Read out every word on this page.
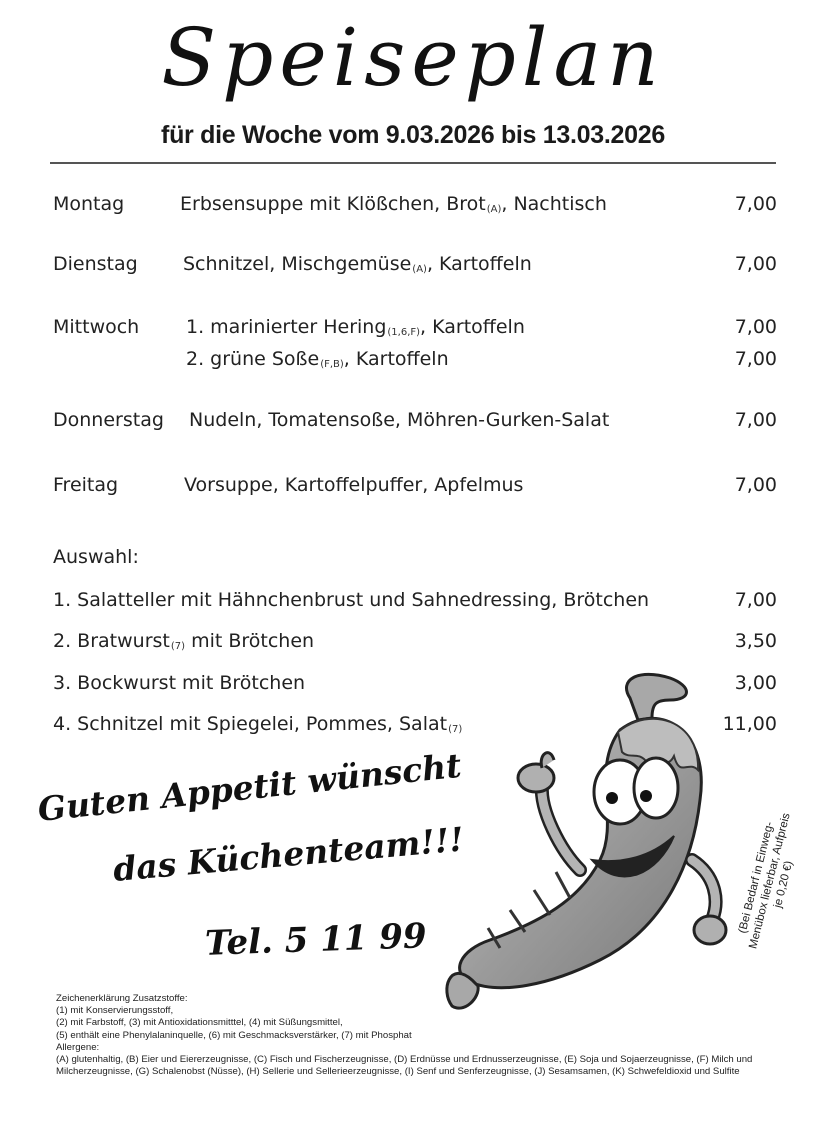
Speiseplan
für die Woche vom 9.03.2026 bis 13.03.2026
Montag	Erbsensuppe mit Klößchen, Brot$_{(A)}$, Nachtisch	7,00
Dienstag Schnitzel, Mischgemüse$_{(A)}$, Kartoffeln	7,00
Mittwoch 1. marinierter Hering$_{(1,6,F)}$, Kartoffeln	7,00
2. grüne Soße$_{(F,B)}$, Kartoffeln	7,00
Donnerstag Nudeln, Tomatensoße, Möhren-Gurken-Salat	7,00
Freitag	Vorsuppe, Kartoffelpuffer, Apfelmus	7,00
Auswahl:
1. Salatteller mit Hähnchenbrust und Sahnedressing, Brötchen	7,00
2. Bratwurst$_{(7)}$ mit Brötchen	3,50
3. Bockwurst mit Brötchen	3,00
4. Schnitzel mit Spiegelei, Pommes, Salat$_{(7)}$	11,00
Guten Appetit wünscht
das Küchenteam!!!
Tel. 5 11 99
(Bei Bedarf in Einweg-Menübox lieferbar, Aufpreis je 0,20 €)
Zeichenerklärung Zusatzstoffe:
(1) mit Konservierungsstoff,
(2) mit Farbstoff, (3) mit Antioxidationsmitttel, (4) mit Süßungsmittel,
(5) enthält eine Phenylalaninquelle, (6) mit Geschmacksverstärker, (7) mit Phosphat
Allergene:
(A) glutenhaltig, (B) Eier und Eiererzeugnisse, (C) Fisch und Fischerzeugnisse, (D) Erdnüsse und Erdnusserzeugnisse, (E) Soja und Sojaerzeugnisse, (F) Milch und Milcherzeugnisse, (G) Schalenobst (Nüsse), (H) Sellerie und Sellerieerzeugnisse, (I) Senf und Senferzeugnisse, (J) Sesamsamen, (K) Schwefeldioxid und Sulfite
